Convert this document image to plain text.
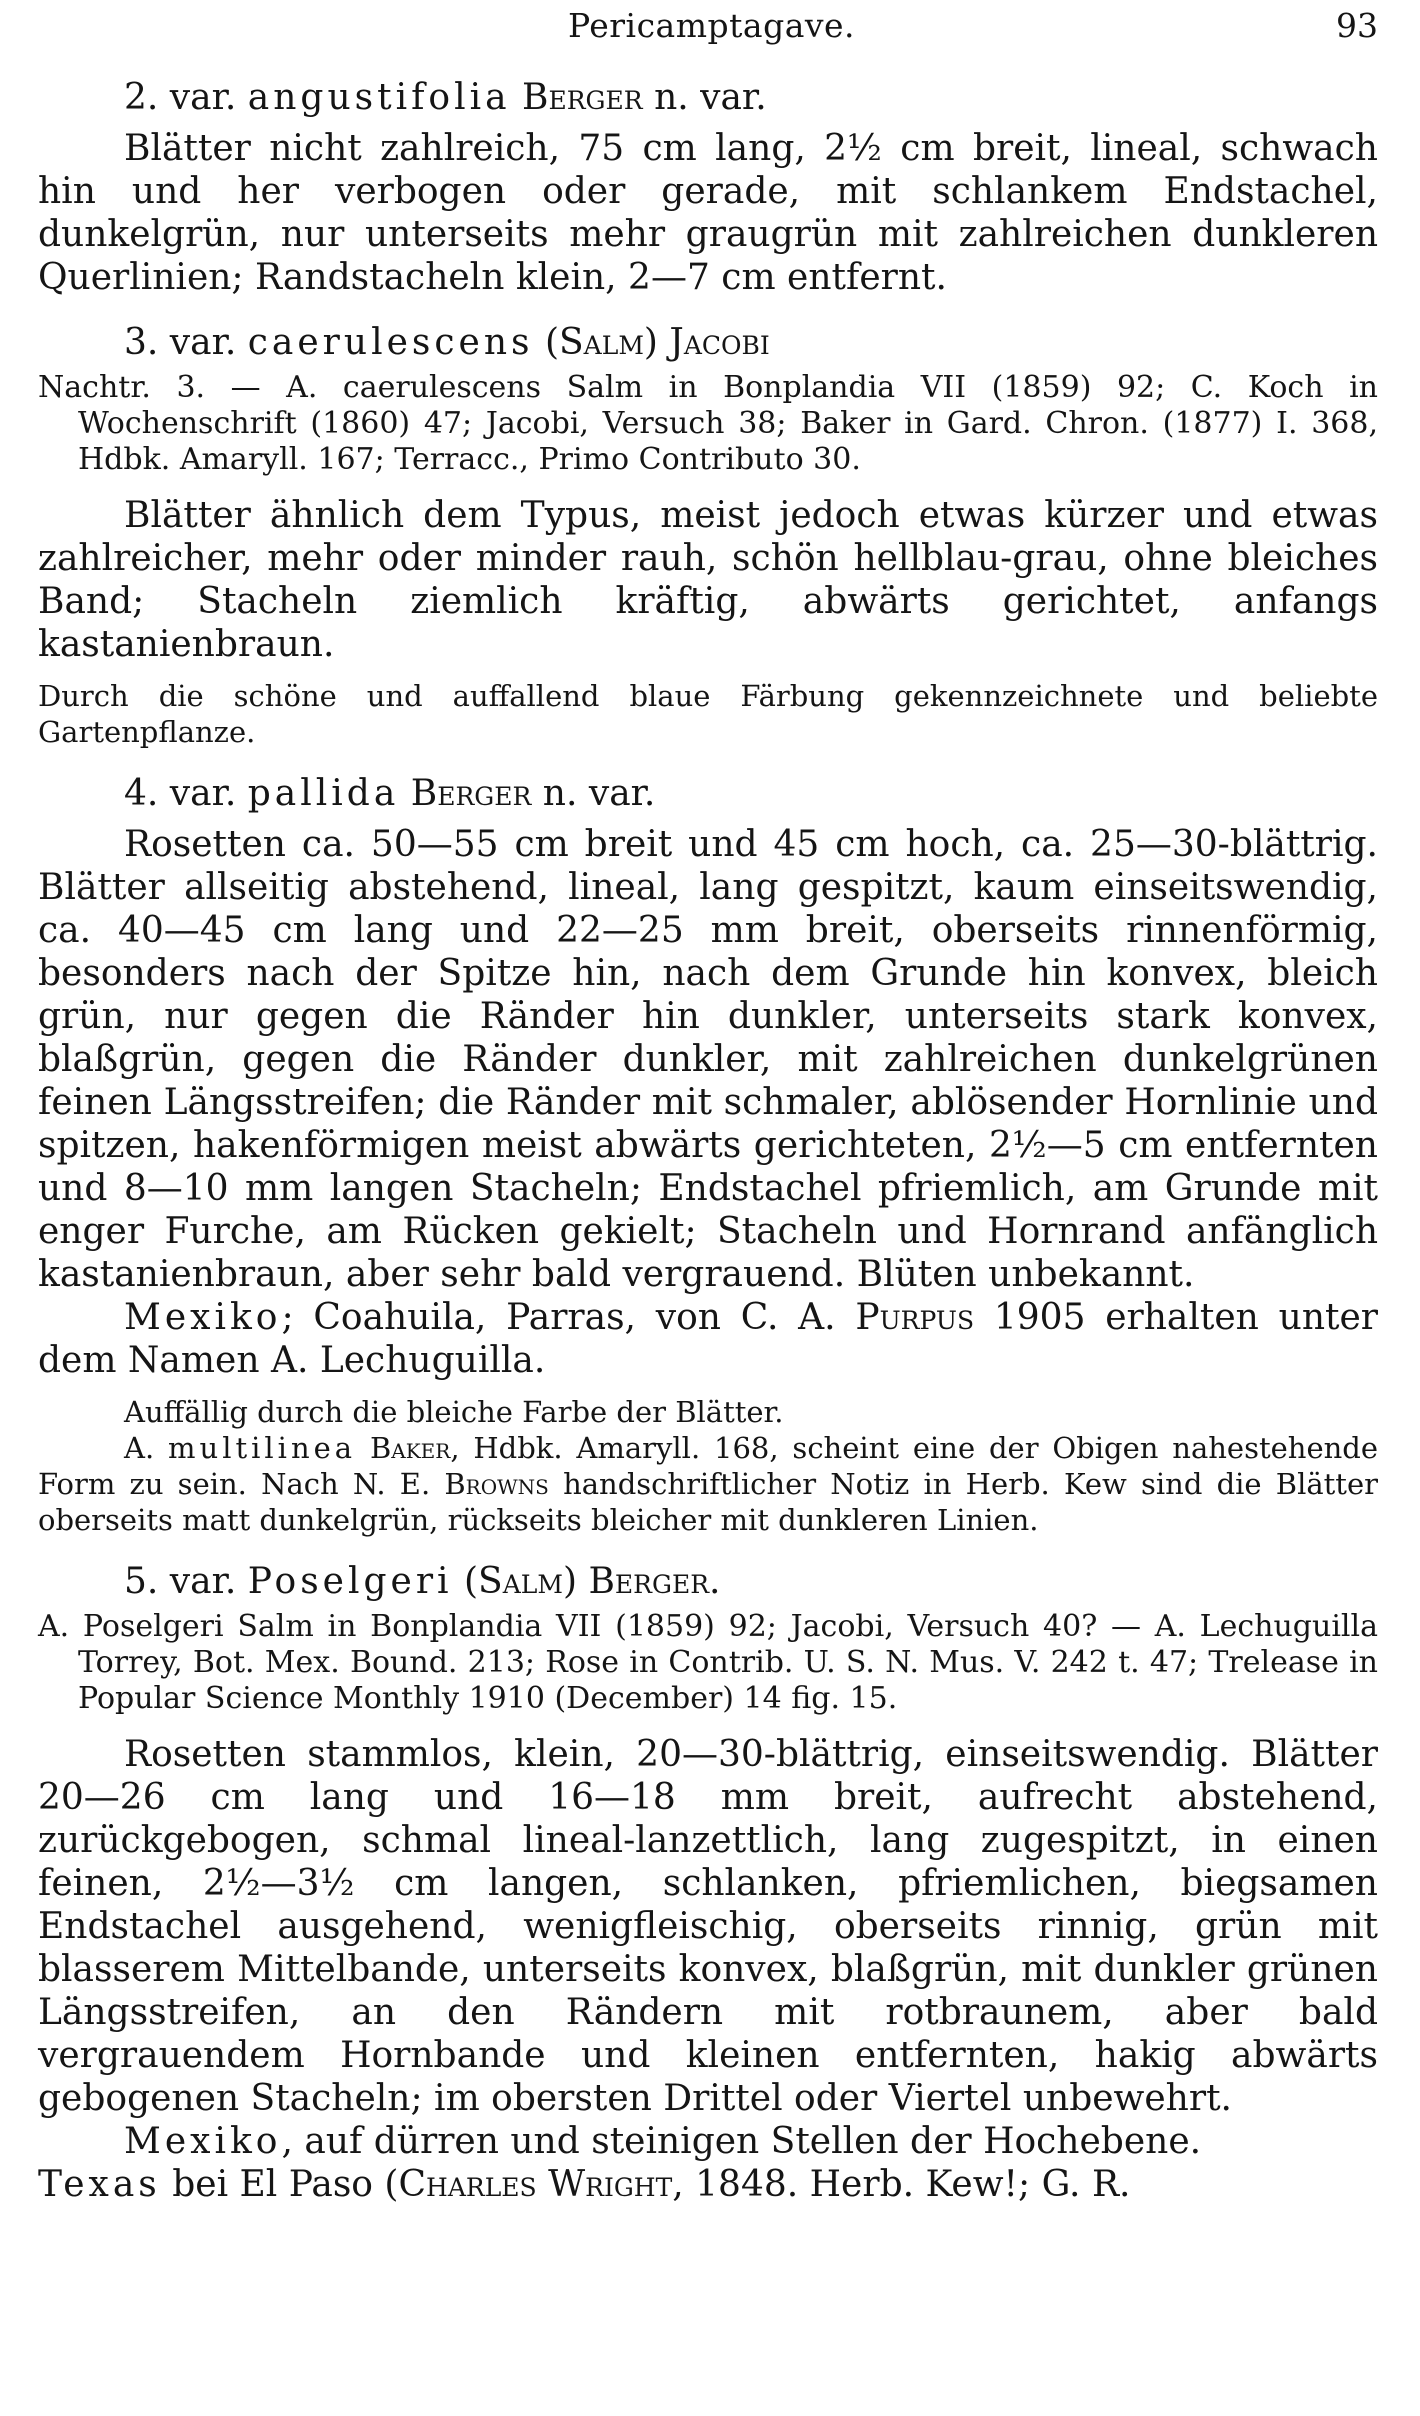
Pericamptagave.	93

2. var. angustifolia Berger n. var.

Blätter nicht zahlreich, 75 cm lang, 2½ cm breit, lineal, schwach hin und her verbogen oder gerade, mit schlankem Endstachel, dunkelgrün, nur unterseits mehr graugrün mit zahlreichen dunkleren Querlinien; Randstacheln klein, 2—7 cm entfernt.

3. var. caerulescens (Salm) Jacobi

Nachtr. 3. — A. caerulescens Salm in Bonplandia VII (1859) 92; C. Koch in Wochenschrift (1860) 47; Jacobi, Versuch 38; Baker in Gard. Chron. (1877) I. 368, Hdbk. Amaryll. 167; Terracc., Primo Contributo 30.

Blätter ähnlich dem Typus, meist jedoch etwas kürzer und etwas zahlreicher, mehr oder minder rauh, schön hellblau-grau, ohne bleiches Band; Stacheln ziemlich kräftig, abwärts gerichtet, anfangs kastanienbraun.

Durch die schöne und auffallend blaue Färbung gekennzeichnete und beliebte Gartenpflanze.

4. var. pallida Berger n. var.

Rosetten ca. 50—55 cm breit und 45 cm hoch, ca. 25—30-blättrig. Blätter allseitig abstehend, lineal, lang gespitzt, kaum einseitswendig, ca. 40—45 cm lang und 22—25 mm breit, oberseits rinnenförmig, besonders nach der Spitze hin, nach dem Grunde hin konvex, bleich grün, nur gegen die Ränder hin dunkler, unterseits stark konvex, blaßgrün, gegen die Ränder dunkler, mit zahlreichen dunkelgrünen feinen Längsstreifen; die Ränder mit schmaler, ablösender Hornlinie und spitzen, hakenförmigen meist abwärts gerichteten, 2½—5 cm entfernten und 8—10 mm langen Stacheln; Endstachel pfriemlich, am Grunde mit enger Furche, am Rücken gekielt; Stacheln und Hornrand anfänglich kastanienbraun, aber sehr bald vergrauend. Blüten unbekannt.

Mexiko; Coahuila, Parras, von C. A. Purpus 1905 erhalten unter dem Namen A. Lechuguilla.

Auffällig durch die bleiche Farbe der Blätter.

A. multilinea Baker, Hdbk. Amaryll. 168, scheint eine der Obigen nahestehende Form zu sein. Nach N. E. Browns handschriftlicher Notiz in Herb. Kew sind die Blätter oberseits matt dunkelgrün, rückseits bleicher mit dunkleren Linien.

5. var. Poselgeri (Salm) Berger.

A. Poselgeri Salm in Bonplandia VII (1859) 92; Jacobi, Versuch 40? — A. Lechuguilla Torrey, Bot. Mex. Bound. 213; Rose in Contrib. U. S. N. Mus. V. 242 t. 47; Trelease in Popular Science Monthly 1910 (December) 14 fig. 15.

Rosetten stammlos, klein, 20—30-blättrig, einseitswendig. Blätter 20—26 cm lang und 16—18 mm breit, aufrecht abstehend, zurückgebogen, schmal lineal-lanzettlich, lang zugespitzt, in einen feinen, 2½—3½ cm langen, schlanken, pfriemlichen, biegsamen Endstachel ausgehend, wenigfleischig, oberseits rinnig, grün mit blasserem Mittelbande, unterseits konvex, blaßgrün, mit dunkler grünen Längsstreifen, an den Rändern mit rotbraunem, aber bald vergrauendem Hornbande und kleinen entfernten, hakig abwärts gebogenen Stacheln; im obersten Drittel oder Viertel unbewehrt.

Mexiko, auf dürren und steinigen Stellen der Hochebene.

Texas bei El Paso (Charles Wright, 1848. Herb. Kew!; G. R.
